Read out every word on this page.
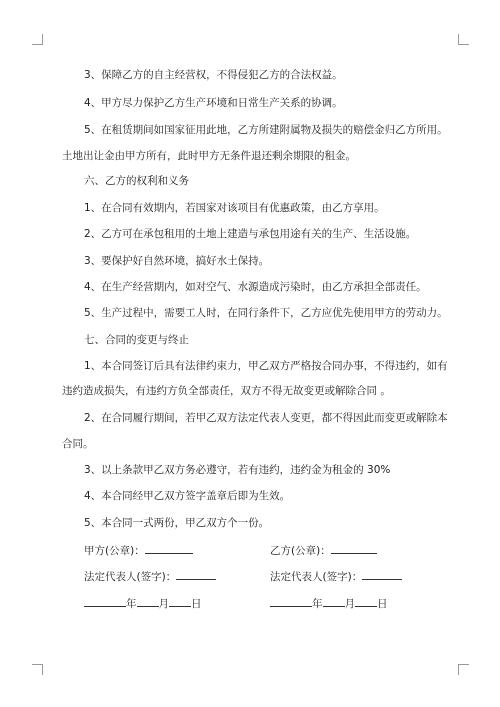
3、保障乙方的自主经营权，不得侵犯乙方的合法权益。
4、甲方尽力保护乙方生产环境和日常生产关系的协调。
5、在租赁期间如国家征用此地，乙方所建附属物及损失的赔偿金归乙方所用。
土地出让金由甲方所有，此时甲方无条件退还剩余期限的租金。
六、乙方的权利和义务
1、在合同有效期内，若国家对该项目有优惠政策，由乙方享用。
2、乙方可在承包租用的土地上建造与承包用途有关的生产、生活设施。
3、要保护好自然环境，搞好水土保持。
4、在生产经营期内，如对空气、水源造成污染时，由乙方承担全部责任。
5、生产过程中，需要工人时，在同行条件下，乙方应优先使用甲方的劳动力。
七、合同的变更与终止
1、本合同签订后具有法律约束力，甲乙双方严格按合同办事，不得违约，如有
违约造成损失，有违约方负全部责任，双方不得无故变更或解除合同 。
2、在合同履行期间，若甲乙双方法定代表人变更，都不得因此而变更或解除本
合同。
3、以上条款甲乙双方务必遵守，若有违约，违约金为租金的 30%
4、本合同经甲乙双方签字盖章后即为生效。
5、本合同一式两份，甲乙双方个一份。
甲方(公章)：	乙方(公章)：
法定代表人(签字)：	法定代表人(签字)：
年 月 日	年 月 日
